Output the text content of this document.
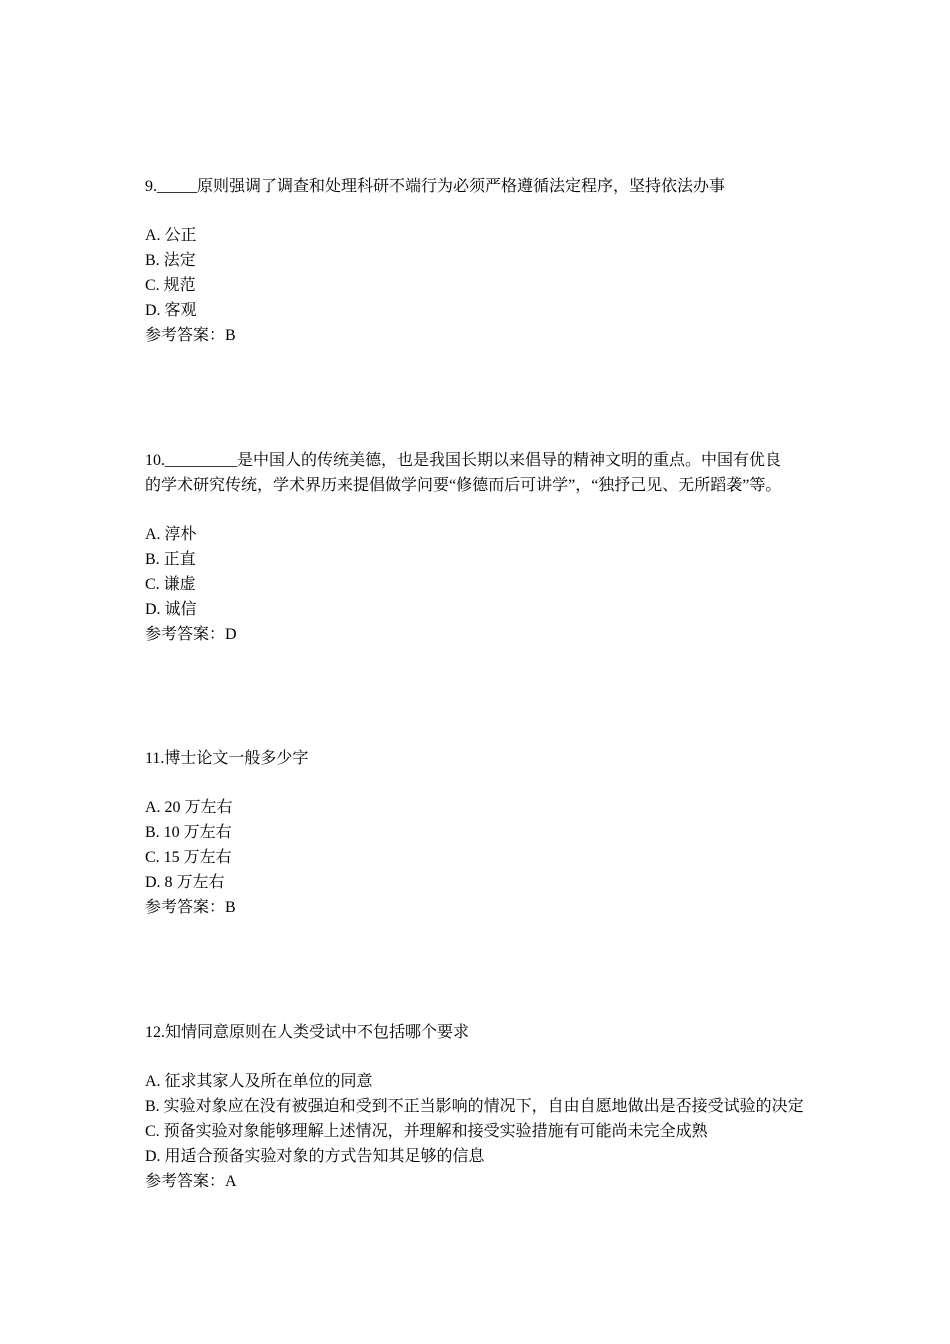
9._____原则强调了调查和处理科研不端行为必须严格遵循法定程序，坚持依法办事
A. 公正
B. 法定
C. 规范
D. 客观
参考答案：B
10._________是中国人的传统美德，也是我国长期以来倡导的精神文明的重点。中国有优良
的学术研究传统，学术界历来提倡做学问要“修德而后可讲学”，“独抒己见、无所蹈袭”等。
A. 淳朴
B. 正直
C. 谦虚
D. 诚信
参考答案：D
11.博士论文一般多少字
A. 20 万左右
B. 10 万左右
C. 15 万左右
D. 8 万左右
参考答案：B
12.知情同意原则在人类受试中不包括哪个要求
A. 征求其家人及所在单位的同意
B. 实验对象应在没有被强迫和受到不正当影响的情况下，自由自愿地做出是否接受试验的决定
C. 预备实验对象能够理解上述情况，并理解和接受实验措施有可能尚未完全成熟
D. 用适合预备实验对象的方式告知其足够的信息
参考答案：A
